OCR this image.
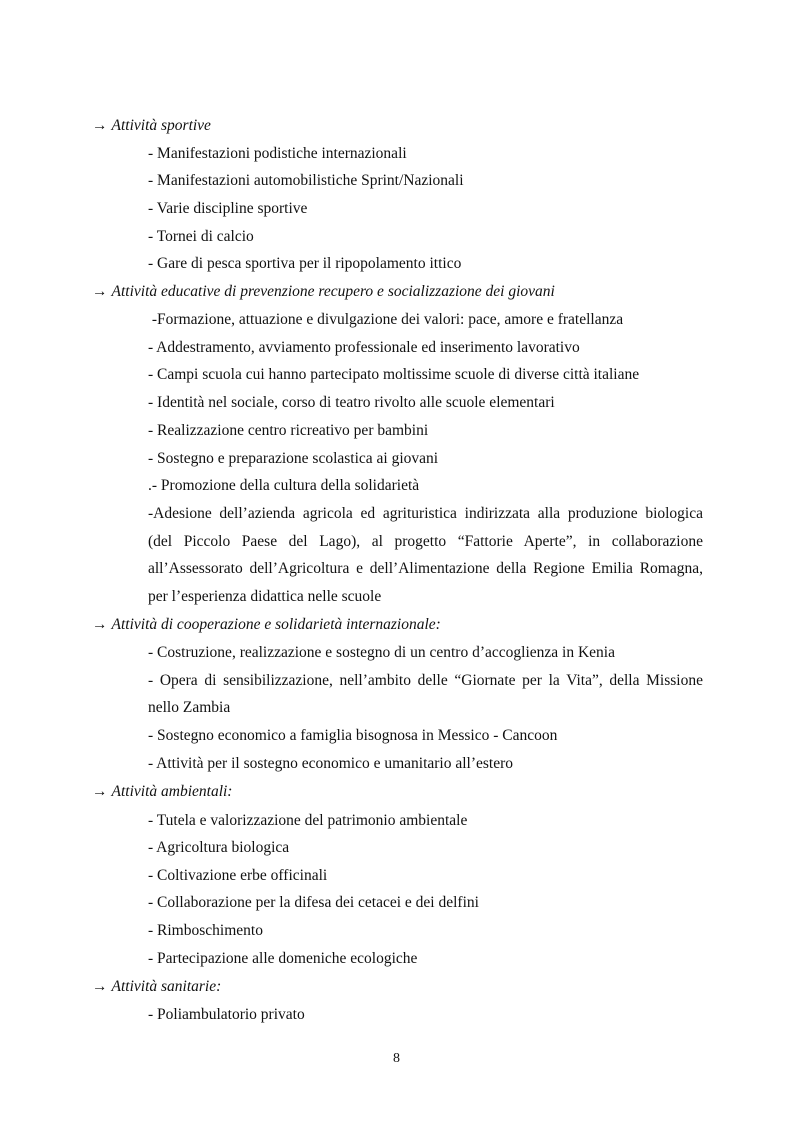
→ Attività sportive
- Manifestazioni podistiche internazionali
- Manifestazioni automobilistiche Sprint/Nazionali
- Varie discipline sportive
- Tornei di calcio
- Gare di pesca sportiva per il ripopolamento ittico
→ Attività educative di prevenzione recupero e socializzazione dei giovani
-Formazione, attuazione e divulgazione dei valori: pace, amore e fratellanza
- Addestramento, avviamento professionale ed inserimento lavorativo
- Campi scuola cui hanno partecipato moltissime scuole di diverse città italiane
- Identità nel sociale, corso di teatro rivolto alle scuole elementari
- Realizzazione centro ricreativo per bambini
- Sostegno e preparazione scolastica ai giovani
.- Promozione della cultura della solidarietà
-Adesione dell’azienda agricola ed agrituristica indirizzata alla produzione biologica
(del Piccolo Paese del Lago), al progetto “Fattorie Aperte”, in collaborazione
all’Assessorato dell’Agricoltura e dell’Alimentazione della Regione Emilia Romagna,
per l’esperienza didattica nelle scuole
→ Attività di cooperazione e solidarietà internazionale:
- Costruzione, realizzazione e sostegno di un centro d’accoglienza in Kenia
- Opera di sensibilizzazione, nell’ambito delle “Giornate per la Vita”, della Missione
nello Zambia
- Sostegno economico a famiglia bisognosa in Messico - Cancoon
- Attività per il sostegno economico e umanitario all’estero
→ Attività ambientali:
- Tutela e valorizzazione del patrimonio ambientale
- Agricoltura biologica
- Coltivazione erbe officinali
- Collaborazione per la difesa dei cetacei e dei delfini
- Rimboschimento
- Partecipazione alle domeniche ecologiche
→ Attività sanitarie:
- Poliambulatorio privato
8
